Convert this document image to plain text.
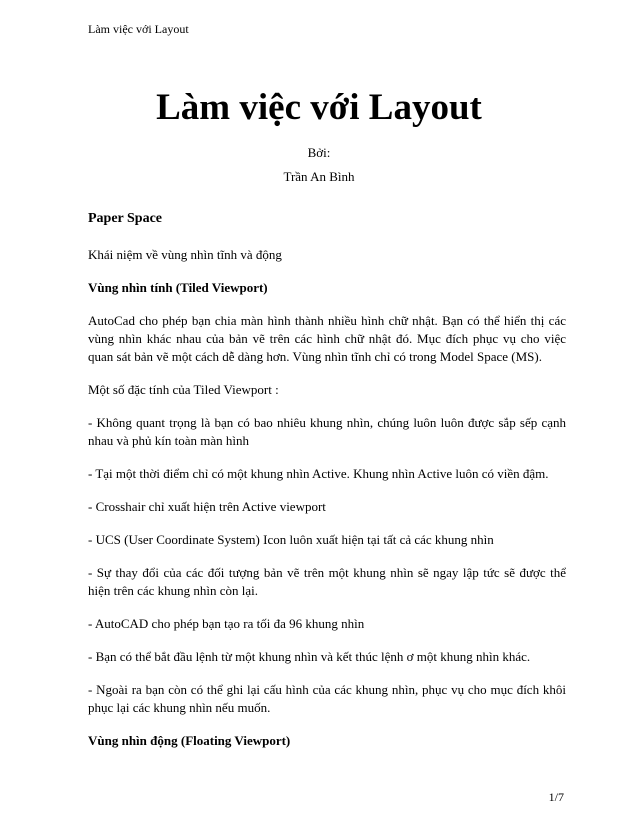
Làm việc với Layout
Làm việc với Layout
Bởi:
Trần An Bình

Paper Space

Khái niệm về vùng nhìn tĩnh và động

Vùng nhìn tính (Tiled Viewport)

AutoCad cho phép bạn chia màn hình thành nhiều hình chữ nhật. Bạn có thể hiển thị các vùng nhìn khác nhau của bản vẽ trên các hình chữ nhật đó. Mục đích phục vụ cho việc quan sát bản vẽ một cách dễ dàng hơn. Vùng nhìn tĩnh chỉ có trong Model Space (MS).

Một số đặc tính của Tiled Viewport :

- Không quant trọng là bạn có bao nhiêu khung nhìn, chúng luôn luôn được sắp sếp cạnh nhau và phủ kín toàn màn hình

- Tại một thời điểm chỉ có một khung nhìn Active. Khung nhìn Active luôn có viền đậm.

- Crosshair chỉ xuất hiện trên Active viewport

- UCS (User Coordinate System) Icon luôn xuất hiện tại tất cả các khung nhìn

- Sự thay đổi của các đối tượng bản vẽ trên một khung nhìn sẽ ngay lập tức sẽ được thể hiện trên các khung nhìn còn lại.

- AutoCAD cho phép bạn tạo ra tối đa 96 khung nhìn

- Bạn có thể bắt đầu lệnh từ một khung nhìn và kết thúc lệnh ơ một khung nhìn khác.

- Ngoài ra bạn còn có thể ghi lại cấu hình của các khung nhìn, phục vụ cho mục đích khôi phục lại các khung nhìn nếu muốn.

Vùng nhìn động (Floating Viewport)

1/7
